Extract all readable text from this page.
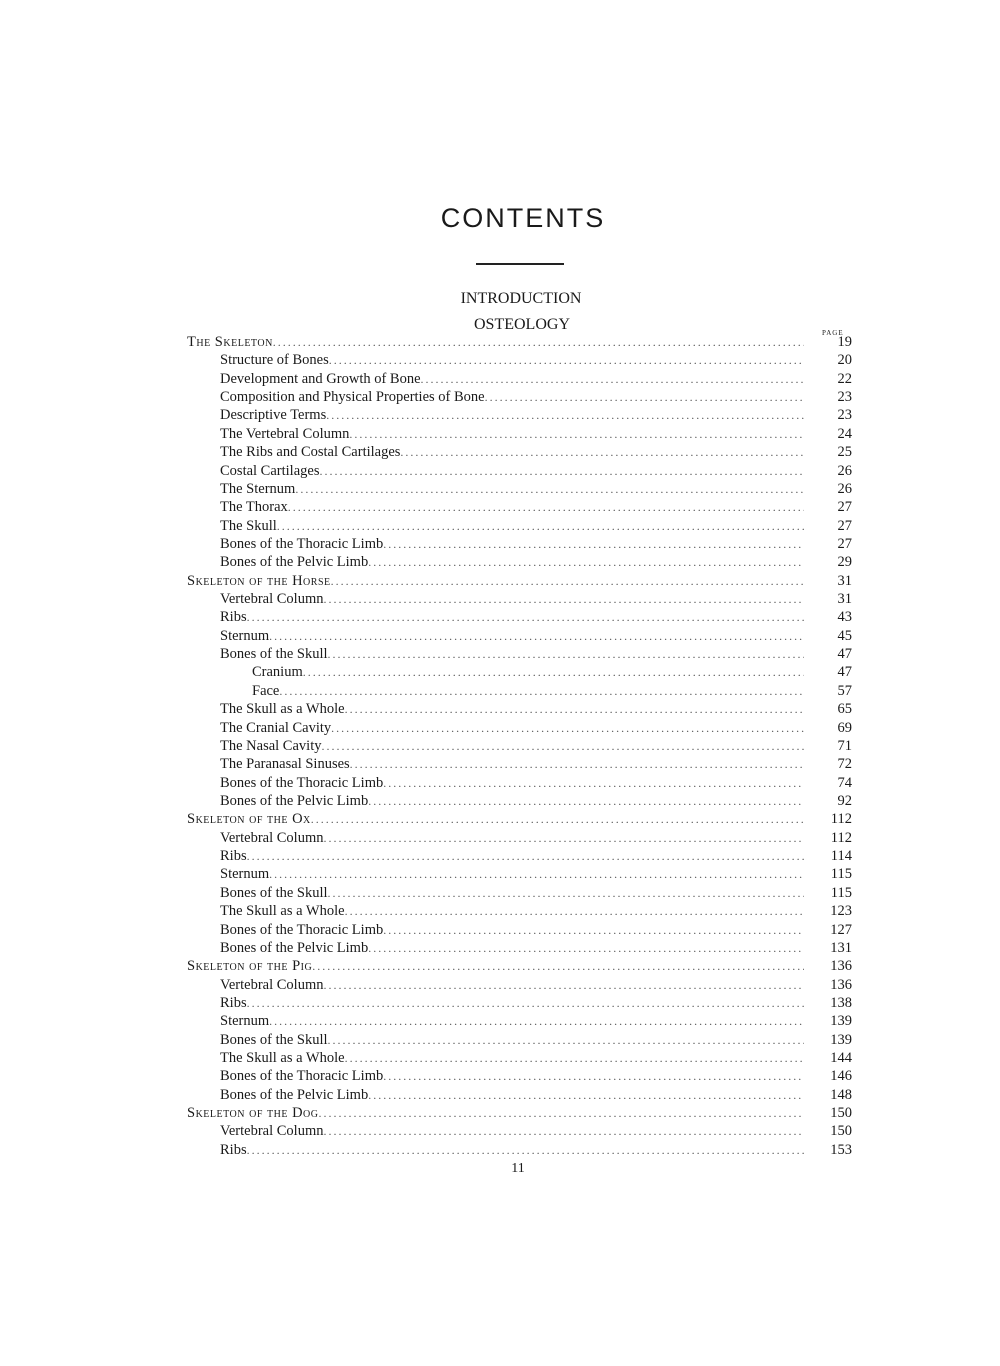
CONTENTS
INTRODUCTION
OSTEOLOGY	PAGE
The Skeleton .....	19
Structure of Bones .....	20
Development and Growth of Bone .....	22
Composition and Physical Properties of Bone .....	23
Descriptive Terms .....	23
The Vertebral Column .....	24
The Ribs and Costal Cartilages .....	25
Costal Cartilages .....	26
The Sternum .....	26
The Thorax .....	27
The Skull .....	27
Bones of the Thoracic Limb .....	27
Bones of the Pelvic Limb .....	29
Skeleton of the Horse .....	31
Vertebral Column .....	31
Ribs .....	43
Sternum .....	45
Bones of the Skull .....	47
Cranium .....	47
Face .....	57
The Skull as a Whole .....	65
The Cranial Cavity .....	69
The Nasal Cavity .....	71
The Paranasal Sinuses .....	72
Bones of the Thoracic Limb .....	74
Bones of the Pelvic Limb .....	92
Skeleton of the Ox .....	112
Vertebral Column .....	112
Ribs .....	114
Sternum .....	115
Bones of the Skull .....	115
The Skull as a Whole .....	123
Bones of the Thoracic Limb .....	127
Bones of the Pelvic Limb .....	131
Skeleton of the Pig .....	136
Vertebral Column .....	136
Ribs .....	138
Sternum .....	139
Bones of the Skull .....	139
The Skull as a Whole .....	144
Bones of the Thoracic Limb .....	146
Bones of the Pelvic Limb .....	148
Skeleton of the Dog .....	150
Vertebral Column .....	150
Ribs .....	153
11
